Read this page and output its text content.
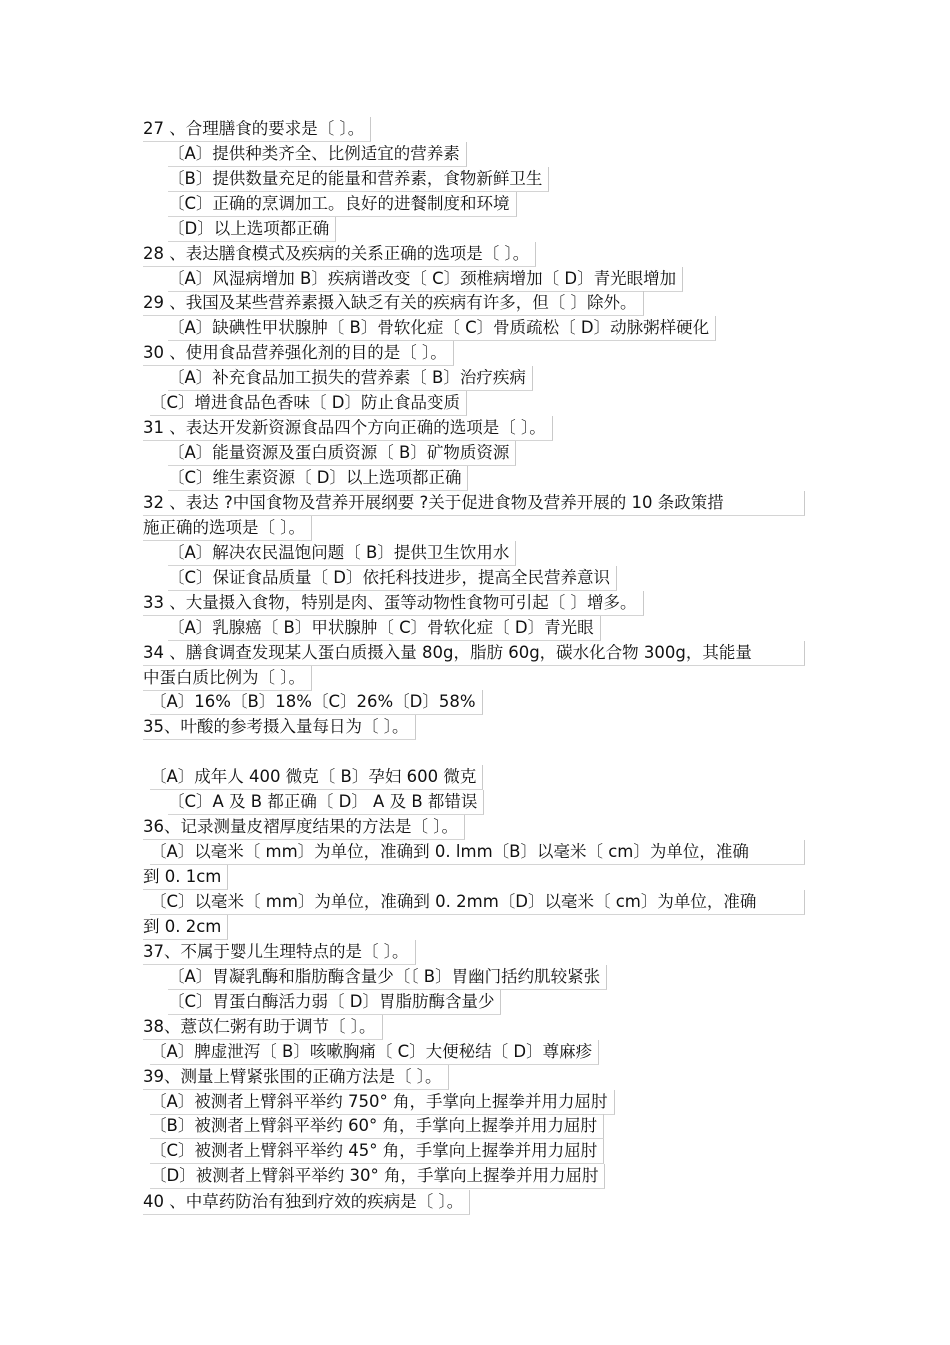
27 、合理膳食的要求是〔 〕。
〔A〕提供种类齐全、比例适宜的营养素
〔B〕提供数量充足的能量和营养素，食物新鲜卫生
〔C〕正确的烹调加工。良好的进餐制度和环境
〔D〕以上选项都正确
28 、表达膳食模式及疾病的关系正确的选项是〔 〕。
〔A〕风湿病增加 B〕疾病谱改变〔 C〕颈椎病增加〔 D〕青光眼增加
29 、我国及某些营养素摄入缺乏有关的疾病有许多，但〔 〕除外。
〔A〕缺碘性甲状腺肿〔 B〕骨软化症〔 C〕骨质疏松〔 D〕动脉粥样硬化
30 、使用食品营养强化剂的目的是〔 〕。
〔A〕补充食品加工损失的营养素〔 B〕治疗疾病
〔C〕增进食品色香味〔 D〕防止食品变质
31 、表达开发新资源食品四个方向正确的选项是〔 〕。
〔A〕能量资源及蛋白质资源〔 B〕矿物质资源
〔C〕维生素资源〔 D〕以上选项都正确
32 、表达 ?中国食物及营养开展纲要 ?关于促进食物及营养开展的 10 条政策措
施正确的选项是〔 〕。
〔A〕解决农民温饱问题〔 B〕提供卫生饮用水
〔C〕保证食品质量〔 D〕依托科技进步，提高全民营养意识
33 、大量摄入食物，特别是肉、蛋等动物性食物可引起〔 〕增多。
〔A〕乳腺癌〔 B〕甲状腺肿〔 C〕骨软化症〔 D〕青光眼
34 、膳食调查发现某人蛋白质摄入量 80g，脂肪 60g，碳水化合物 300g，其能量
中蛋白质比例为〔 〕。
〔A〕16%〔B〕18%〔C〕26%〔D〕58%
35、叶酸的参考摄入量每日为〔 〕。
〔A〕成年人 400 微克〔 B〕孕妇 600 微克
〔C〕A 及 B 都正确〔 D〕 A 及 B 都错误
36、记录测量皮褶厚度结果的方法是〔 〕。
〔A〕以毫米〔 mm〕为单位，准确到 0. lmm〔B〕以毫米〔 cm〕为单位，准确
到 0. 1cm
〔C〕以毫米〔 mm〕为单位，准确到 0. 2mm〔D〕以毫米〔 cm〕为单位，准确
到 0. 2cm
37、不属于婴儿生理特点的是〔 〕。
〔A〕胃凝乳酶和脂肪酶含量少〔〔 B〕胃幽门括约肌较紧张
〔C〕胃蛋白酶活力弱〔 D〕胃脂肪酶含量少
38、薏苡仁粥有助于调节〔 〕。
〔A〕脾虚泄泻〔 B〕咳嗽胸痛〔 C〕大便秘结〔 D〕尊麻疹
39、测量上臂紧张围的正确方法是〔 〕。
〔A〕被测者上臂斜平举约 750° 角，手掌向上握拳并用力屈肘
〔B〕被测者上臂斜平举约 60° 角，手掌向上握拳并用力屈肘
〔C〕被测者上臂斜平举约 45° 角，手掌向上握拳并用力屈肘
〔D〕被测者上臂斜平举约 30° 角，手掌向上握拳并用力屈肘
40 、中草药防治有独到疗效的疾病是〔 〕。
